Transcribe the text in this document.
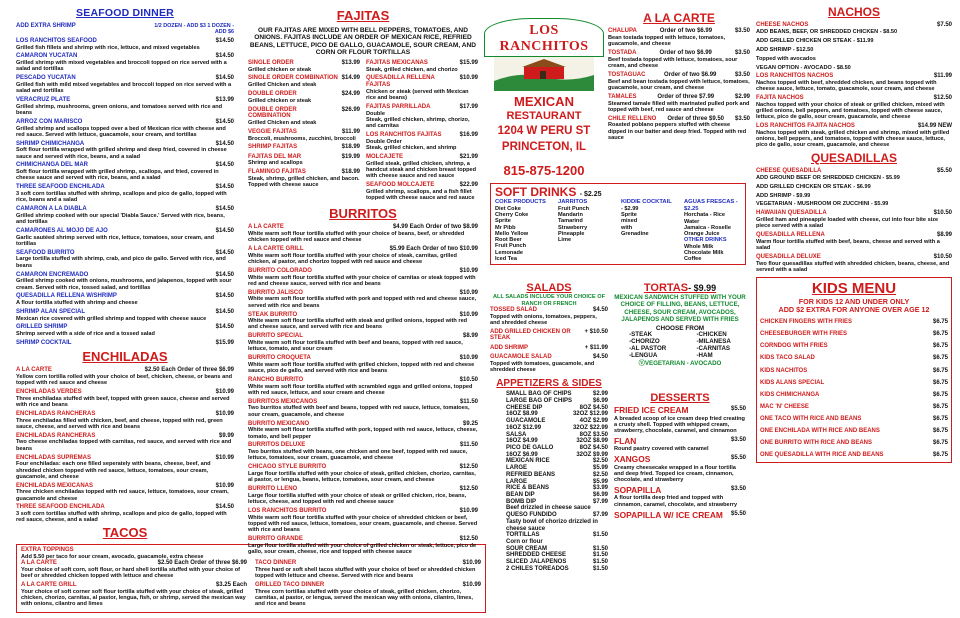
SEAFOOD DINNER
ADD EXTRA SHRIMP	1/2 DOZEN - ADD $3 1 DOZEN - ADD $6
LOS RANCHITOS SEAFOOD	$14.50
Grilled fish fillets and shrimp with rice, lettuce, and mixed vegetables
CAMARON YUCATAN	$14.50
Grilled shrimp with mixed vegetables and broccoli topped on rice served with a salad and tortillas
PESCADO YUCATAN	$14.50
Grilled fish with mild mixed vegetables and broccoli topped on rice served with a salad and tortillas
VERACRUZ PLATE	$13.99
Grilled shrimp, mushrooms, green onions, and tomatoes served with rice and beans
ARROZ CON MARISCO	$14.50
Grilled shrimp and scallops topped over a bed of Mexican rice with cheese and red sauce. Served with lettuce, guacamole, sour cream, and tortillas
SHRIMP CHIMICHANGA	$14.50
Soft flour tortilla wrapped with grilled shrimp and deep fried, covered in cheese sauce and served with rice, beans, and a salad
CHIMICHANGA DEL MAR	$14.50
Soft flour tortilla wrapped with grilled shrimp, scallops, and fried, covered in cheese sauce and served with rice, beans, and a salad
THREE SEAFOOD ENCHILADA	$14.50
3 soft corn tortillas stuffed with shrimp, scallops and pico de gallo, topped with rice, beans and a salad
CAMARON A LA DIABLA	$14.50
Grilled shrimp cooked with our special 'Diabla Sauce.' Served with rice, beans, and tortillas
CAMARONES AL MOJO DE AJO	$14.50
Garlic sautéed shrimp served with rice, lettuce, tomatoes, sour cream, and tortillas
SEAFOOD BURRITO	$14.50
Large tortilla stuffed with shrimp, crab, and pico de gallo. Served with rice, and beans
CAMARON ENCREMADO	$14.50
Grilled shrimp cooked with onions, mushrooms, and jalapenos, topped with sour cream. Served with rice, tossed salad, and tortillas
QUESADILLA RELLENA W/SHRIMP	$14.50
A flour tortilla stuffed with shrimp and cheese
SHRIMP ALAN SPECIAL	$14.50
Mexican rice covered with grilled shrimp and topped with cheese sauce
GRILLED SHRIMP	$14.50
Shrimp served with a side of rice and a tossed salad
SHRIMP COCKTAIL	$15.99
ENCHILADAS
A LA CARTE	$2.50 Each Order of three $6.99
Yellow corn tortilla rolled with your choice of beef, chicken, cheese, or beans and topped with red sauce and cheese
ENCHILADAS VERDES	$10.99
Three enchiladas stuffed with beef, topped with green sauce, cheese and served with rice and beans
ENCHILADAS RANCHERAS	$10.99
Three enchiladas filled with chicken, beef, and cheese, topped with red, green sauce, cheese, and served with rice and beans
ENCHILADAS RANCHERAS	$9.99
Two cheese enchiladas topped with carnitas, red sauce, and served with rice and beans
ENCHILADAS SUPREMAS	$10.99
Four enchiladas: each one filled seperately with beans, cheese, beef, and shredded chicken topped with red sauce, lettuce, tomatoes, sour cream, guacamole, and cheese
ENCHILADAS MEXICANAS	$10.99
Three chicken enchiladas topped with red sauce, lettuce, tomatoes, sour cream, guacamole and cheese
THREE SEAFOOD ENCHILADA	$14.50
3 soft corn tortillas stuffed with shrimp, scallops and pico de gallo, topped with red sauce, cheese, and a salad
TACOS
EXTRA TOPPINGS
Add $.50 per taco for sour cream, avocado, guacamole, extra cheese
A LA CARTE	$2.50 Each Order of three $6.99
Your choice of soft corn, soft flour, or hard shell tortilla stuffed with your choice of beef or shredded chicken topped with lettuce and cheese
A LA CARTE GRILL	$3.25 Each
Your choice of soft corner soft flour tortilla stuffed with your choice of steak, grilled chicken, chorizo, carnitas, al pastor, lengua, fish, or shrimp, served the mexican way with onions, cilantro and limes
TACO DINNER	$10.99
Three hard or soft shell tacos stuffed with your choice of beef or shredded chicken topped with lettuce and cheese. Served with rice and beans
GRILLED TACO DINNER	$10.99
Three corn tortillas stuffed with your choice of steak, grilled chicken, chorizo, carnitas, al pastor, or lengua, served the mexican way with onions, cilantro, limes, and rice and beans
FAJITAS
OUR FAJITAS ARE MIXED WITH BELL PEPPERS, TOMATOES, AND ONIONS. FAJITAS INCLUDE AN ORDER OF MEXICAN RICE, REFRIED BEANS, LETTUCE, PICO DE GALLO, GUACAMOLE, SOUR CREAM, AND CORN OR FLOUR TORTILLAS
SINGLE ORDER	$13.99
Grilled chicken or steak
SINGLE ORDER COMBINATION $14.99
Grilled Chicken and steak
DOUBLE ORDER	$24.99
Grilled chicken or steak
DOUBLE ORDER COMBINATION
$26.99
Grilled Chicken and steak
VEGGIE FAJITAS	$11.99
Broccoli, mushrooms, zucchini, broccoli
SHRIMP FAJITAS	$18.99
FAJITAS DEL MAR	$19.99
Shrimp and scallops
FLAMINGO FAJITAS	$18.99
Steak, shrimp, grilled chicken, and bacon. Topped with cheese sauce
FAJITAS MEXICANAS	$15.99
Steak, grilled chicken, and chorizo
QUESADILLA RELLENA FAJITAS
$10.99
Chicken or steak (served with Mexican rice and beans)
FAJITAS PARRILLADA	$17.99
Double
Steak, grilled chicken, shrimp, chorizo, and carnitas
LOS RANCHITOS FAJITAS	$16.99
Double Order
Steak, grilled chicken, and shrimp
MOLCAJETE	$21.99
Grilled steak, grilled chicken, shrimp, a handcut steak and chicken breast topped with cheese sauce and red sauce
SEAFOOD MOLCAJETE	$22.99
Grilled shrimp, scallops, and a fish fillet topped with cheese sauce and red sauce
BURRITOS
A LA CARTE	$4.99 Each Order of two $8.99
White warm soft flour tortilla stuffed with your choice of beans, beef, or shredded chicken topped with red sauce and cheese
A LA CARTE GRILL	$5.99 Each Order of two $10.99
White warm soft flour tortilla stuffed with your choice of steak, carnitas, grilled chicken, al pastor, and chorizo topped with red sauce and cheese
BURRITO COLORADO	$10.99
White warm soft flour tortilla stuffed with your choice of carnitas or steak topped with red and cheese sauce, served with rice and beans
BURRITO JALISCO	$10.99
White warm soft flour tortilla stuffed with pork and topped with red and cheese sauce, served with rice and beans
STEAK BURRITO	$10.99
White warm soft flour tortilla stuffed with steak and grilled onions, topped with red and cheese sauce, and served with rice and beans
BURRITO SPECIAL	$8.99
White warm soft flour tortilla stuffed with beef and beans, topped with red sauce, lettuce, tomato, and sour cream
BURRITO CROQUETA	$10.99
White warm soft flour tortilla stuffed with grilled chicken, topped with red and cheese sauce, pico de gallo, and served with rice and beans
RANCHO BURRITO	$10.50
White warm soft flour tortilla stuffed with scrambled eggs and grilled onions, topped with red sauce, lettuce, and sour cream and cheese
BURRITOS MEXICANOS	$11.50
Two burritos stuffed with beef and beans, topped with red sauce, lettuce, tomatoes, sour cream, guacamole, and cheese
BURRITO MEXICANO	$9.25
White warm soft flour tortilla stuffed with pork, topped with red sauce, lettuce, cheese, tomato, and bell pepper
BURRITOS DELUXE	$11.50
Two burritos stuffed with beans, one chicken and one beef, topped with red sauce, lettuce, tomatoes, sour cream, guacamole, and cheese
CHICAGO STYLE BURRITO	$12.50
Large flour tortilla stuffed with your choice of steak, grilled chicken, chorizo, carnitas, al pastor, or lengua, beans, lettuce, tomatoes, sour cream, and cheese
BURRITO LLENO	$12.50
Large flour tortilla stuffed with your choice of steak or grilled chicken, rice, beans, lettuce, cheese, and topped with red and cheese sauce
LOS RANCHITOS BURRITO	$10.99
White warm soft flour tortilla stuffed with your choice of shredded chicken or beef, topped with red sauce, lettuce, tomatoes, sour cream, guacamole, and cheese. Served with rice and beans
BURRITO GRANDE	$12.50
Large flour tortilla stuffed with your choice of grilled chicken or steak, lettuce, pico de gallo, sour cream, cheese, rice and topped with cheese sauce
LOS RANCHITOS
MEXICAN
RESTAURANT
1204 W PERU ST
PRINCETON, IL
815-875-1200
A LA CARTE
CHALUPA	Order of two $6.99	$3.50
Bean tostada topped with lettuce, tomatoes, guacamole, and cheese
TOSTADA	Order of two $6.99	$3.50
Beef tostada topped with lettuce, tomatoes, sour cream, and cheese
TOSTAGUAC	Order of two $6.99	$3.50
Beef and bean tostada topped with lettuce, tomatoes, guacamole, sour cream, and cheese
TAMALES	Order of three $7.99	$2.99
Steamed tamale filled with marinated pulled pork and topped with beef, red sauce and cheese
CHILE RELLENO Order of three $9.50 $3.50
Roasted poblano peppers stuffed with cheese dipped in our batter and deep fried. Topped with red sauce
SOFT DRINKS - $2.25
COKE PRODUCTS
Diet Coke
Cherry Coke
Sprite
Mr Pibb
Mello Yellow
Root Beer
Fruit Punch
Lemonade
Iced Tea
JARRITOS
Fruit Punch
Mandarin
Tamarind
Strawberry
Pineapple
Lime
KIDDIE COCKTAIL
- $2.99
Sprite
mixed
with
Grenadine
AGUAS FRESCAS - $2.25
Horchata - Rice Water
Jamaica - Roselle
Orange Juice
OTHER DRINKS
Whole Milk
Chocolate Milk
Coffee
SALADS
ALL SALADS INCLUDE YOUR CHOICE OF RANCH OR FRENCH
TOSSED SALAD	$4.50
Topped with onions, tomatoes, peppers, and shredded cheese
ADD GRILLED CHICKEN OR STEAK
+ $10.50
ADD SHRIMP	+ $11.99
GUACAMOLE SALAD	$4.50
Topped with tomatoes, guacamole, and shredded cheese
TORTAS- $9.99
MEXICAN SANDWICH STUFFED WITH YOUR CHOICE OF FILLING, BEANS, LETTUCE, CHEESE, SOUR CREAM, AVOCADOS, JALAPENOS AND SERVED WITH FRIES
CHOOSE FROM
-STEAK
-CHORIZO
-AL PASTOR
-LENGUA
-CHICKEN
-MILANESA
-CARNITAS
-HAM
ⓋVEGETARIAN - AVOCADO
APPETIZERS & SIDES
SMALL BAG OF CHIPS	$2.99
LARGE BAG OF CHIPS	$6.99
CHEESE DIP	8OZ $4.50
16OZ $8.99	32OZ $12.99
GUACAMOLE	4OZ $2.99
16OZ $12.99	32OZ $22.99
SALSA	8OZ $3.50
16OZ $4.99	32OZ $8.99
PICO DE GALLO	8OZ $4.50
16OZ $6.99	32OZ $9.99
MEXICAN RICE	$2.50
LARGE	$5.99
REFRIED BEANS	$2.50
LARGE	$5.99
RICE & BEANS	$3.99
BEAN DIP	$6.99
BOMB DIP	$7.99
Beef drizzled in cheese sauce
QUESO FUNDIDO	$7.99
Tasty bowl of chorizo drizzled in cheese sauce
TORTILLAS	$1.50
Corn or flour
SOUR CREAM	$1.50
SHREDDED CHEESE	$1.50
SLICED JALAPENOS	$1.50
2 CHILES TOREADOS	$1.50
DESSERTS
FRIED ICE CREAM	$5.50
A breaded scoop of ice cream deep fried creating a crusty shell. Topped with whipped cream, strawberry, chocolate, caramel, and cinnamon
FLAN	$3.50
Round pastry covered with caramel
XANGOS	$5.50
Creamy cheesecake wrapped in a flour tortilla and deep fried. Topped ice cream, cinnamon, chocolate, and strawberry
SOPAPILLA	$3.50
A flour tortilla deep fried and topped with cinnamon, caramel, chocolate, and strawberry
SOPAPILLA W/ ICE CREAM $5.50
NACHOS
CHEESE NACHOS	$7.50
ADD BEANS, BEEF, OR SHREDDED CHICKEN - $8.50
ADD GRILLED CHICKEN OR STEAK - $11.99
ADD SHRIMP - $12.50
Topped with avocados
VEGAN OPTION - AVOCADO - $8.50
LOS RANCHITOS NACHOS	$11.99
Nachos topped with beef, shredded chicken, and beans topped with cheese sauce, lettuce, tomato, guacamole, sour cream, and cheese
FAJITA NACHOS	$12.50
Nachos topped with your choice of steak or grilled chicken, mixed with grilled onions, bell peppers, and tomatoes, topped with cheese sauce, lettuce, pico de gallo, sour cream, guacamole, and cheese
LOS RANCHITOS FAJITA NACHOS	$14.99 NEW
Nachos topped with steak, grilled chicken and shrimp, mixed with grilled onions, bell peppers, and tomatoes, topped with cheese sauce, lettuce, pico de gallo, sour cream, guacamole, and cheese
QUESADILLAS
CHEESE QUESADILLA	$5.50
ADD GROUND BEEF OR SHREDDED CHICKEN - $5.99
ADD GRILLED CHICKEN OR STEAK - $6.99
ADD SHRIMP - $9.99
VEGETARIAN - MUSHROOM OR ZUCCHINI - $5.99
HAWAIIAN QUESADILLA	$10.50
Grilled ham and pineapple loaded with cheese, cut into four bite size piece served with a salad
QUESADILLA RELLENA	$8.99
Warm flour tortilla stuffed with beef, beans, cheese and served with a salad
QUESADILLA DELUXE	$10.50
Two flour quesadillas stuffed with shredded chicken, beans, cheese, and served with a salad
KIDS MENU
FOR KIDS 12 AND UNDER ONLY
ADD $2 EXTRA FOR ANYONE OVER AGE 12
CHICKEN FINGERS WITH FRIES	$6.75
CHEESEBURGER WITH FRIES	$6.75
CORNDOG WITH FRIES	$6.75
KIDS TACO SALAD	$6.75
KIDS NACHITOS	$6.75
KIDS ALANS SPECIAL	$6.75
KIDS CHIMICHANGA	$6.75
MAC 'N' CHEESE	$6.75
ONE TACO WITH RICE AND BEANS	$6.75
ONE ENCHILADA WITH RICE AND BEANS	$6.75
ONE BURRITO WITH RICE AND BEANS	$6.75
ONE QUESADILLA WITH RICE AND BEANS	$6.75
